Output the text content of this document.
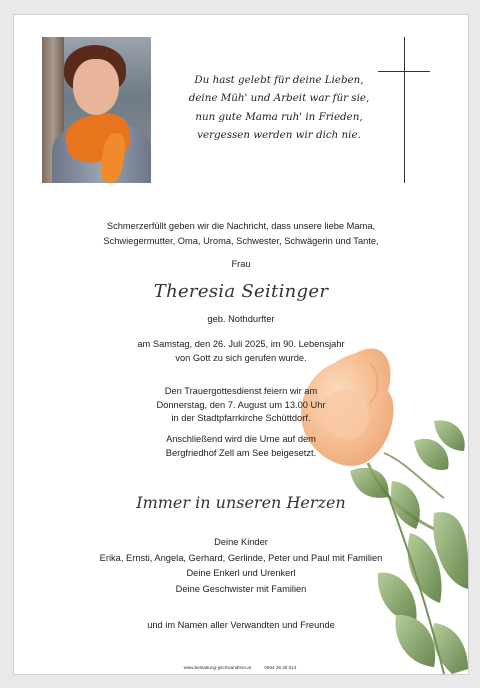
Du hast gelebt für deine Lieben,
deine Müh' und Arbeit war für sie,
nun gute Mama ruh' in Frieden,
vergessen werden wir dich nie.
Schmerzerfüllt geben wir die Nachricht, dass unsere liebe Mama,
Schwiegermutter, Oma, Uroma, Schwester, Schwägerin und Tante,
Frau
Theresia Seitinger
geb. Nothdurfter
am Samstag, den 26. Juli 2025, im 90. Lebensjahr
von Gott zu sich gerufen wurde.
Den Trauergottesdienst feiern wir am
Donnerstag, den 7. August um 13.00 Uhr
in der Stadtpfarrkirche Schüttdorf.
Anschließend wird die Urne auf dem
Bergfriedhof Zell am See beigesetzt.
Immer in unseren Herzen
Deine Kinder
Erika, Ernsti, Angela, Gerhard, Gerlinde, Peter und Paul mit Familien
Deine Enkerl und Urenkerl
Deine Geschwister mit Familien
und im Namen aller Verwandten und Freunde
www.bestattung-gschwandtner.at	0664 28 28 013
